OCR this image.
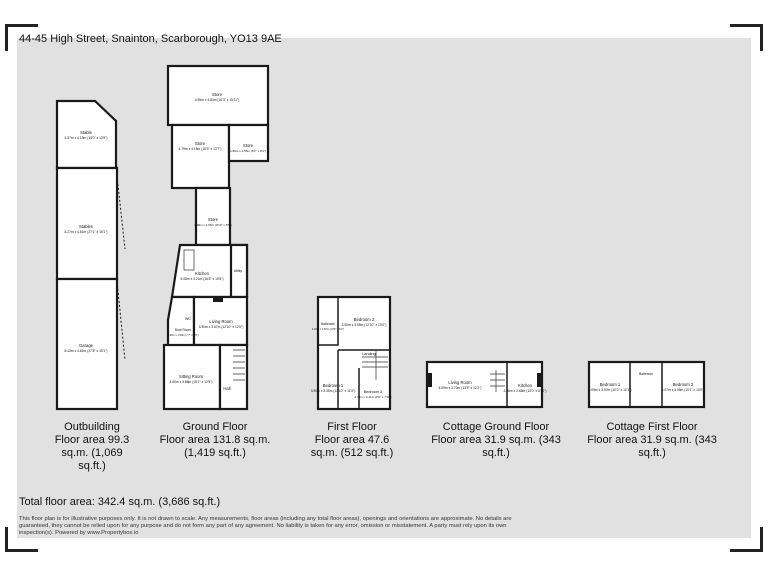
44-45 High Street, Snainton, Scarborough, YO13 9AE
Stable
4.57m x 4.19m (15'0" x 13'9")
Stables
8.27m x 4.61m (27'1" x 15'1")
Garage
8.43m x 4.61m (27'8" x 15'1")
Store
4.95m x 4.84m (16'3" x 15'11")
Store
4.79m x 4.15m (15'9" x 13'7")
Store
1.86m x 2.55m (6'1" x 8'4")
Store
2.99m x 1.65m (9'10" x 5'5")
Kitchen
5.08m x 3.21m (16'8" x 10'6")
Utility
WC
Boot Room
2.32m x 1.59m (7'7" x 5'3")
Living Room
3.90m x 3.67m (12'10" x 12'0")
Sitting Room
4.60m x 3.88m (15'1" x 12'9")
Hall
Bathroom
3.04m x 1.87m (10'0" x 6'2")
Bedroom 2
3.90m x 3.05m (12'10" x 10'0")
Landing
Bedroom 1
3.90m x 3.35m (12'10" x 11'0") Bedroom 3
2.74m x 2.41m (9'0" x 7'11")
Living Room
4.09m x 3.70m (13'5" x 12'2")	Kitchen
3.06m x 2.68m (10'0" x 8'10")
Bedroom 1
3.09m x 3.07m (10'2" x 10'1")
Bathroom
Bedroom 2
3.07m x 3.05m (10'1" x 10'0")
Outbuilding
Floor area 99.3 sq.m. (1,069 sq.ft.)
Ground Floor
Floor area 131.8 sq.m. (1,419 sq.ft.)
First Floor
Floor area 47.6 sq.m. (512 sq.ft.)
Cottage Ground Floor
Floor area 31.9 sq.m. (343 sq.ft.)
Cottage First Floor
Floor area 31.9 sq.m. (343 sq.ft.)
Total floor area: 342.4 sq.m. (3,686 sq.ft.)
This floor plan is for illustrative purposes only. It is not drawn to scale. Any measurements, floor areas (including any total floor areas), openings and orientations are approximate. No details are guaranteed, they cannot be relied upon for any purpose and do not form any part of any agreement. No liability is taken for any error, omission or misstatement. A party must rely upon its own inspection(s). Powered by www.Propertybox.io
